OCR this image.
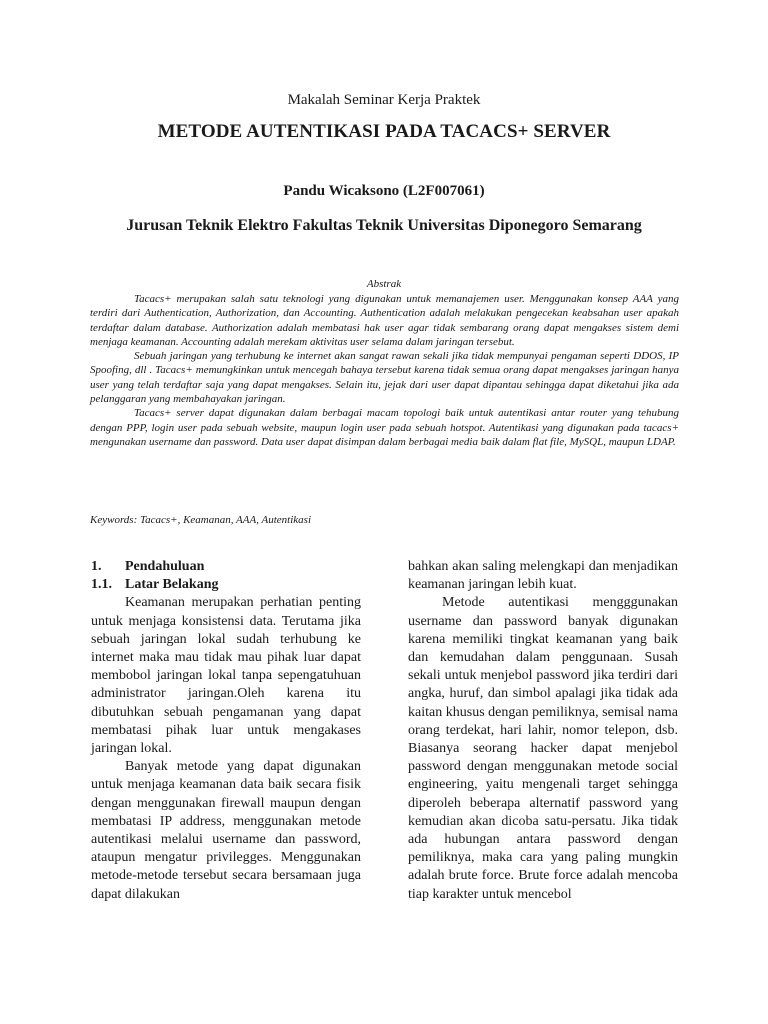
Makalah Seminar Kerja Praktek
METODE AUTENTIKASI PADA TACACS+ SERVER
Pandu Wicaksono (L2F007061)
Jurusan Teknik Elektro Fakultas Teknik Universitas Diponegoro Semarang
Abstrak

Tacacs+ merupakan salah satu teknologi yang digunakan untuk memanajemen user. Menggunakan konsep AAA yang terdiri dari Authentication, Authorization, dan Accounting. Authentication adalah melakukan pengecekan keabsahan user apakah terdaftar dalam database. Authorization adalah membatasi hak user agar tidak sembarang orang dapat mengakses sistem demi menjaga keamanan. Accounting adalah merekam aktivitas user selama dalam jaringan tersebut.

Sebuah jaringan yang terhubung ke internet akan sangat rawan sekali jika tidak mempunyai pengaman seperti DDOS, IP Spoofing, dll . Tacacs+ memungkinkan untuk mencegah bahaya tersebut karena tidak semua orang dapat mengakses jaringan hanya user yang telah terdaftar saja yang dapat mengakses. Selain itu, jejak dari user dapat dipantau sehingga dapat diketahui jika ada pelanggaran yang membahayakan jaringan.

Tacacs+ server dapat digunakan dalam berbagai macam topologi baik untuk autentikasi antar router yang tehubung dengan PPP, login user pada sebuah website, maupun login user pada sebuah hotspot. Autentikasi yang digunakan pada tacacs+ mengunakan username dan password. Data user dapat disimpan dalam berbagai media baik dalam flat file, MySQL, maupun LDAP.

Keywords: Tacacs+, Keamanan, AAA, Autentikasi

1. Pendahuluan

1.1. Latar Belakang

Keamanan merupakan perhatian penting untuk menjaga konsistensi data. Terutama jika sebuah jaringan lokal sudah terhubung ke internet maka mau tidak mau pihak luar dapat membobol jaringan lokal tanpa sepengatuhuan administrator jaringan.Oleh karena itu dibutuhkan sebuah pengamanan yang dapat membatasi pihak luar untuk mengakases jaringan lokal.

Banyak metode yang dapat digunakan untuk menjaga keamanan data baik secara fisik dengan menggunakan firewall maupun dengan membatasi IP address, menggunakan metode autentikasi melalui username dan password, ataupun mengatur privilegges. Menggunakan metode-metode tersebut secara bersamaan juga dapat dilakukan

bahkan akan saling melengkapi dan menjadikan keamanan jaringan lebih kuat.

Metode autentikasi mengggunakan username dan password banyak digunakan karena memiliki tingkat keamanan yang baik dan kemudahan dalam penggunaan. Susah sekali untuk menjebol password jika terdiri dari angka, huruf, dan simbol apalagi jika tidak ada kaitan khusus dengan pemiliknya, semisal nama orang terdekat, hari lahir, nomor telepon, dsb. Biasanya seorang hacker dapat menjebol password dengan menggunakan metode social engineering, yaitu mengenali target sehingga diperoleh beberapa alternatif password yang kemudian akan dicoba satu-persatu. Jika tidak ada hubungan antara password dengan pemiliknya, maka cara yang paling mungkin adalah brute force. Brute force adalah mencoba tiap karakter untuk mencebol
